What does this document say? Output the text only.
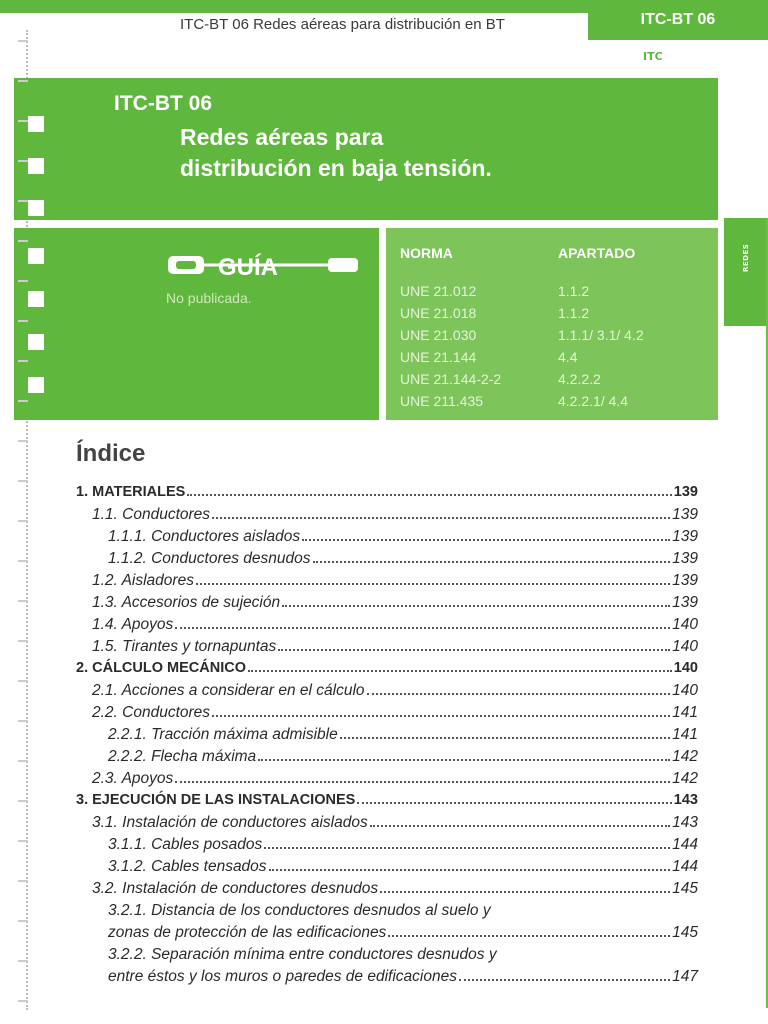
ITC-BT 06 Redes aéreas para distribución en BT	ITC-BT 06
ITC
ITC-BT 06
Redes aéreas para
distribución en baja tensión.
GUÍA
No publicada.
NORMA	APARTADO
UNE 21.012	1.1.2
UNE 21.018	1.1.2
UNE 21.030	1.1.1/ 3.1/ 4.2
UNE 21.144	4.4
UNE 21.144-2-2	4.2.2.2
UNE 211.435	4.2.2.1/ 4.4
REDES
Índice
1. MATERIALES	139
1.1. Conductores	139
1.1.1. Conductores aislados	139
1.1.2. Conductores desnudos	139
1.2. Aisladores	139
1.3. Accesorios de sujeción	139
1.4. Apoyos	140
1.5. Tirantes y tornapuntas	140
2. CÁLCULO MECÁNICO	140
2.1. Acciones a considerar en el cálculo	140
2.2. Conductores	141
2.2.1. Tracción máxima admisible	141
2.2.2. Flecha máxima	142
2.3. Apoyos	142
3. EJECUCIÓN DE LAS INSTALACIONES	143
3.1. Instalación de conductores aislados	143
3.1.1. Cables posados	144
3.1.2. Cables tensados	144
3.2. Instalación de conductores desnudos	145
3.2.1. Distancia de los conductores desnudos al suelo y
zonas de protección de las edificaciones	145
3.2.2. Separación mínima entre conductores desnudos y
entre éstos y los muros o paredes de edificaciones	147
